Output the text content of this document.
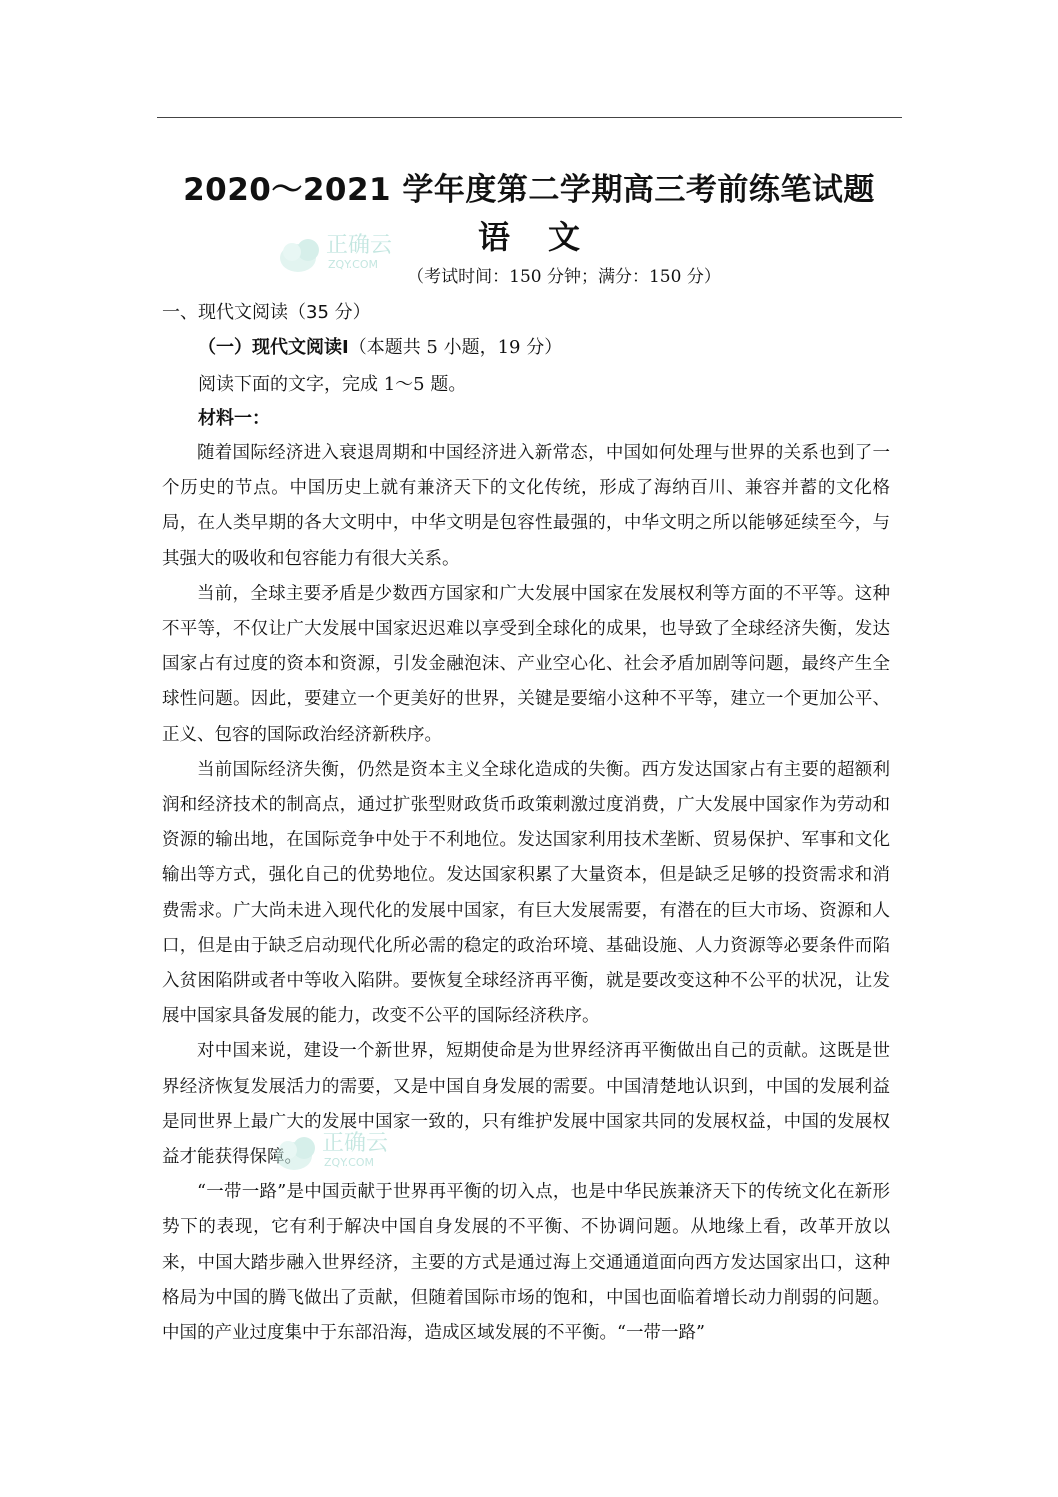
2020～2021 学年度第二学期高三考前练笔试题
语文
（考试时间：150 分钟；满分：150 分）
正确云
ZQY.COM
一、现代文阅读（35 分）
（一）现代文阅读Ⅰ（本题共 5 小题，19 分）
阅读下面的文字，完成 1～5 题。
材料一：

随着国际经济进入衰退周期和中国经济进入新常态，中国如何处理与世界的关系也到了一个历史的节点。中国历史上就有兼济天下的文化传统，形成了海纳百川、兼容并蓄的文化格局，在人类早期的各大文明中，中华文明是包容性最强的，中华文明之所以能够延续至今，与其强大的吸收和包容能力有很大关系。

当前，全球主要矛盾是少数西方国家和广大发展中国家在发展权利等方面的不平等。这种不平等，不仅让广大发展中国家迟迟难以享受到全球化的成果，也导致了全球经济失衡，发达国家占有过度的资本和资源，引发金融泡沫、产业空心化、社会矛盾加剧等问题，最终产生全球性问题。因此，要建立一个更美好的世界，关键是要缩小这种不平等，建立一个更加公平、正义、包容的国际政治经济新秩序。

当前国际经济失衡，仍然是资本主义全球化造成的失衡。西方发达国家占有主要的超额利润和经济技术的制高点，通过扩张型财政货币政策刺激过度消费，广大发展中国家作为劳动和资源的输出地，在国际竞争中处于不利地位。发达国家利用技术垄断、贸易保护、军事和文化输出等方式，强化自己的优势地位。发达国家积累了大量资本，但是缺乏足够的投资需求和消费需求。广大尚未进入现代化的发展中国家，有巨大发展需要，有潜在的巨大市场、资源和人口，但是由于缺乏启动现代化所必需的稳定的政治环境、基础设施、人力资源等必要条件而陷入贫困陷阱或者中等收入陷阱。要恢复全球经济再平衡，就是要改变这种不公平的状况，让发展中国家具备发展的能力，改变不公平的国际经济秩序。

对中国来说，建设一个新世界，短期使命是为世界经济再平衡做出自己的贡献。这既是世界经济恢复发展活力的需要，又是中国自身发展的需要。中国清楚地认识到，中国的发展利益是同世界上最广大的发展中国家一致的，只有维护发展中国家共同的发展权益，中国的发展权益才能获得保障。

“一带一路”是中国贡献于世界再平衡的切入点，也是中华民族兼济天下的传统文化在新形势下的表现，它有利于解决中国自身发展的不平衡、不协调问题。从地缘上看，改革开放以来，中国大踏步融入世界经济，主要的方式是通过海上交通通道面向西方发达国家出口，这种格局为中国的腾飞做出了贡献，但随着国际市场的饱和，中国也面临着增长动力削弱的问题。中国的产业过度集中于东部沿海，造成区域发展的不平衡。“一带一路”

正确云
ZQY.COM
